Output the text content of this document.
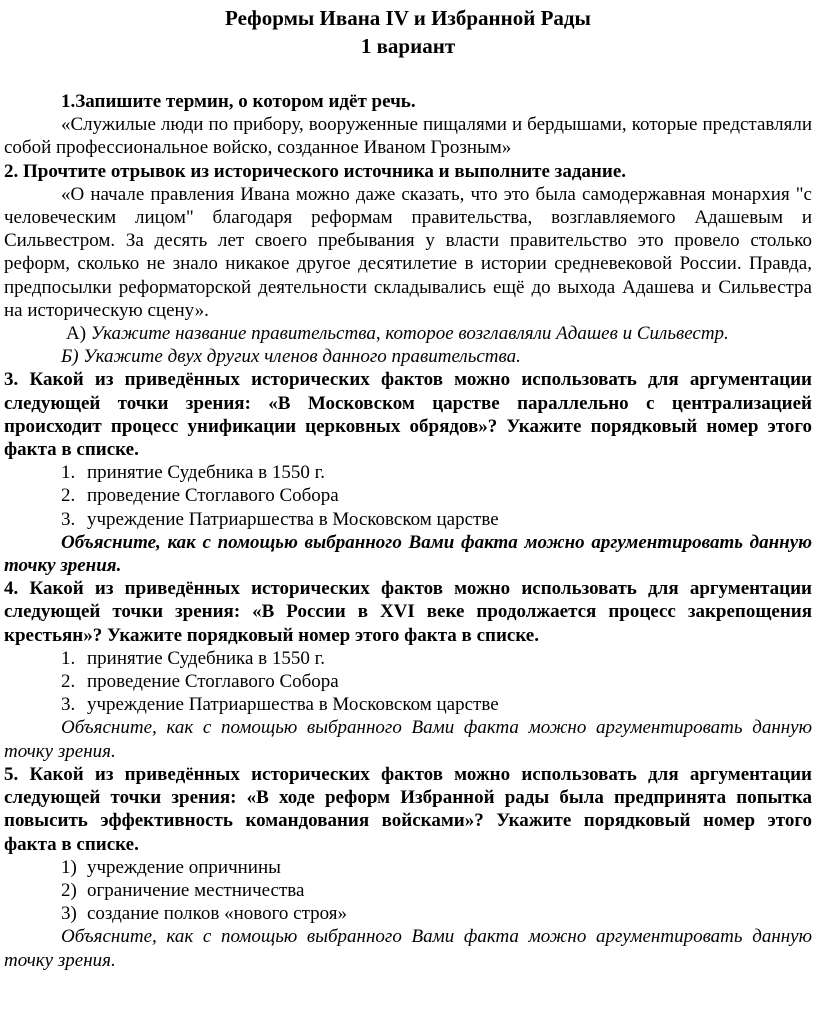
Реформы Ивана IV и Избранной Рады
1 вариант

1.Запишите термин, о котором идёт речь.

«Служилые люди по прибору, вооруженные пищалями и бердышами, которые представляли собой профессиональное войско, созданное Иваном Грозным»

2. Прочтите отрывок из исторического источника и выполните задание.

«О начале правления Ивана можно даже сказать, что это была самодержавная монархия "с человеческим лицом" благодаря реформам правительства, возглавляемого Адашевым и Сильвестром. За десять лет своего пребывания у власти правительство это провело столько реформ, сколько не знало никакое другое десятилетие в истории средневековой России. Правда, предпосылки реформаторской деятельности складывались ещё до выхода Адашева и Сильвестра на историческую сцену».

А) Укажите название правительства, которое возглавляли Адашев и Сильвестр.

Б) Укажите двух других членов данного правительства.

3. Какой из приведённых исторических фактов можно использовать для аргументации следующей точки зрения: «В Московском царстве параллельно с централизацией происходит процесс унификации церковных обрядов»? Укажите порядковый номер этого факта в списке.

1. принятие Судебника в 1550 г.
2. проведение Стоглавого Собора
3. учреждение Патриаршества в Московском царстве

Объясните, как с помощью выбранного Вами факта можно аргументировать данную точку зрения.

4. Какой из приведённых исторических фактов можно использовать для аргументации следующей точки зрения: «В России в XVI веке продолжается процесс закрепощения крестьян»? Укажите порядковый номер этого факта в списке.

1. принятие Судебника в 1550 г.
2. проведение Стоглавого Собора
3. учреждение Патриаршества в Московском царстве

Объясните, как с помощью выбранного Вами факта можно аргументировать данную точку зрения.

5. Какой из приведённых исторических фактов можно использовать для аргументации следующей точки зрения: «В ходе реформ Избранной рады была предпринята попытка повысить эффективность командования войсками»? Укажите порядковый номер этого факта в списке.

1) учреждение опричнины
2) ограничение местничества
3) создание полков «нового строя»

Объясните, как с помощью выбранного Вами факта можно аргументировать данную точку зрения.
